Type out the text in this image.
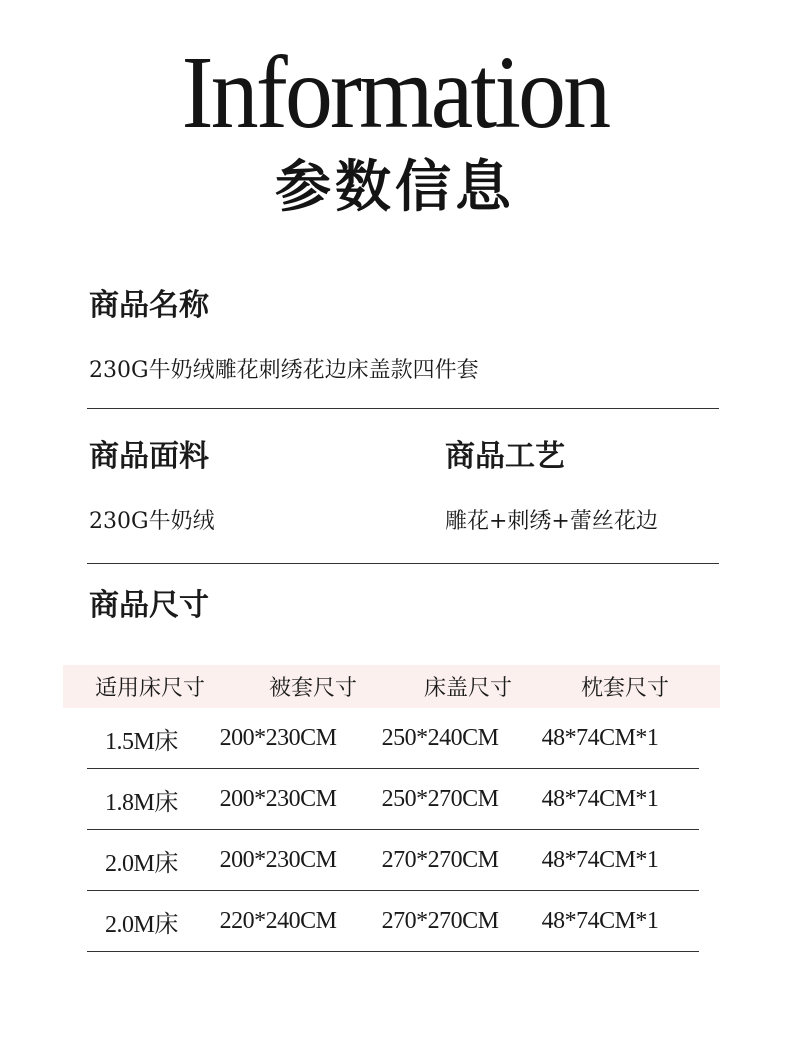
Information
参数信息
商品名称
230G牛奶绒雕花刺绣花边床盖款四件套
商品面料
230G牛奶绒
商品工艺
雕花+刺绣+蕾丝花边
商品尺寸
适用床尺寸	被套尺寸	床盖尺寸	枕套尺寸
1.5M床	200*230CM	250*240CM	48*74CM*1
1.8M床	200*230CM	250*270CM	48*74CM*1
2.0M床	200*230CM	270*270CM	48*74CM*1
2.0M床	220*240CM	270*270CM	48*74CM*1
